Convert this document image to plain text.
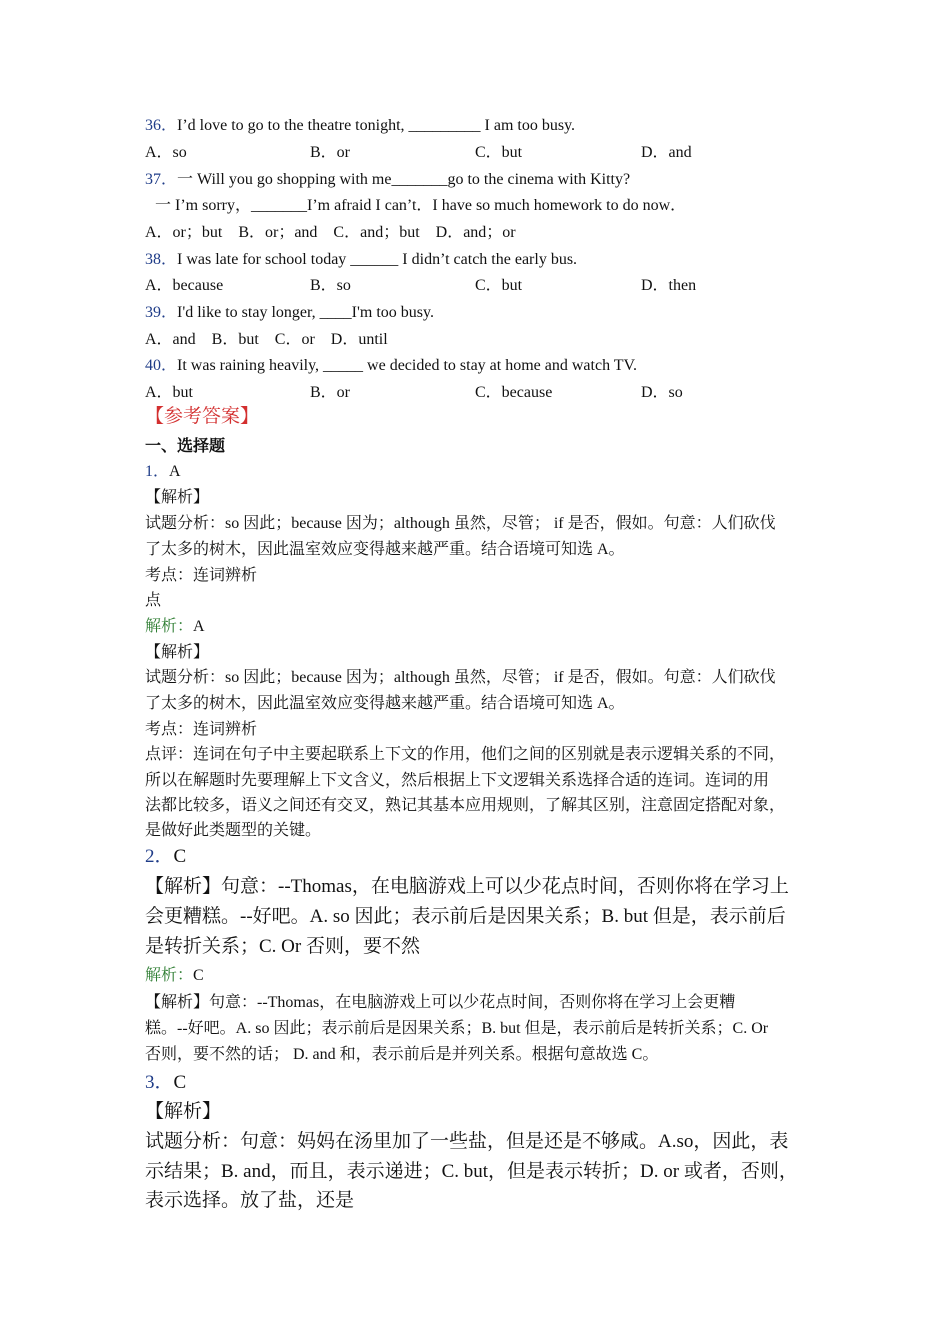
36．I’d love to go to the theatre tonight, _________ I am too busy.
A．so	B．or	C．but	D．and
37．一 Will you go shopping with me_______go to the cinema with Kitty?
一 I’m sorry，_______I’m afraid I can’t．I have so much homework to do now．
A．or；but　B．or；and　C．and；but　D．and；or
38．I was late for school today ______ I didn’t catch the early bus.
A．because	B．so	C．but	D．then
39．I'd like to stay longer, ____I'm too busy.
A．and　B．but　C．or　D．until
40．It was raining heavily, _____ we decided to stay at home and watch TV.
A．but	B．or	C．because	D．so
【参考答案】
一、选择题
1．A
【解析】
试题分析：so 因此；because 因为；although 虽然，尽管； if 是否，假如。句意：人们砍伐
了太多的树木，因此温室效应变得越来越严重。结合语境可知选 A。
考点：连词辨析
点
解析：A
【解析】
试题分析：so 因此；because 因为；although 虽然，尽管； if 是否，假如。句意：人们砍伐
了太多的树木，因此温室效应变得越来越严重。结合语境可知选 A。
考点：连词辨析
点评：连词在句子中主要起联系上下文的作用，他们之间的区别就是表示逻辑关系的不同，
所以在解题时先要理解上下文含义，然后根据上下文逻辑关系选择合适的连词。连词的用
法都比较多，语义之间还有交叉，熟记其基本应用规则，了解其区别，注意固定搭配对象，
是做好此类题型的关键。
2．C
【解析】句意：--Thomas，在电脑游戏上可以少花点时间，否则你将在学习上
会更糟糕。--好吧。A. so 因此；表示前后是因果关系；B. but 但是，表示前后
是转折关系；C. Or 否则，要不然
解析：C
【解析】句意：--Thomas，在电脑游戏上可以少花点时间，否则你将在学习上会更糟
糕。--好吧。A. so 因此；表示前后是因果关系；B. but 但是，表示前后是转折关系；C. Or
否则，要不然的话； D. and 和，表示前后是并列关系。根据句意故选 C。
3．C
【解析】
试题分析：句意：妈妈在汤里加了一些盐，但是还是不够咸。A.so，因此，表
示结果；B. and，而且，表示递进；C. but，但是表示转折；D. or 或者，否则，
表示选择。放了盐，还是
